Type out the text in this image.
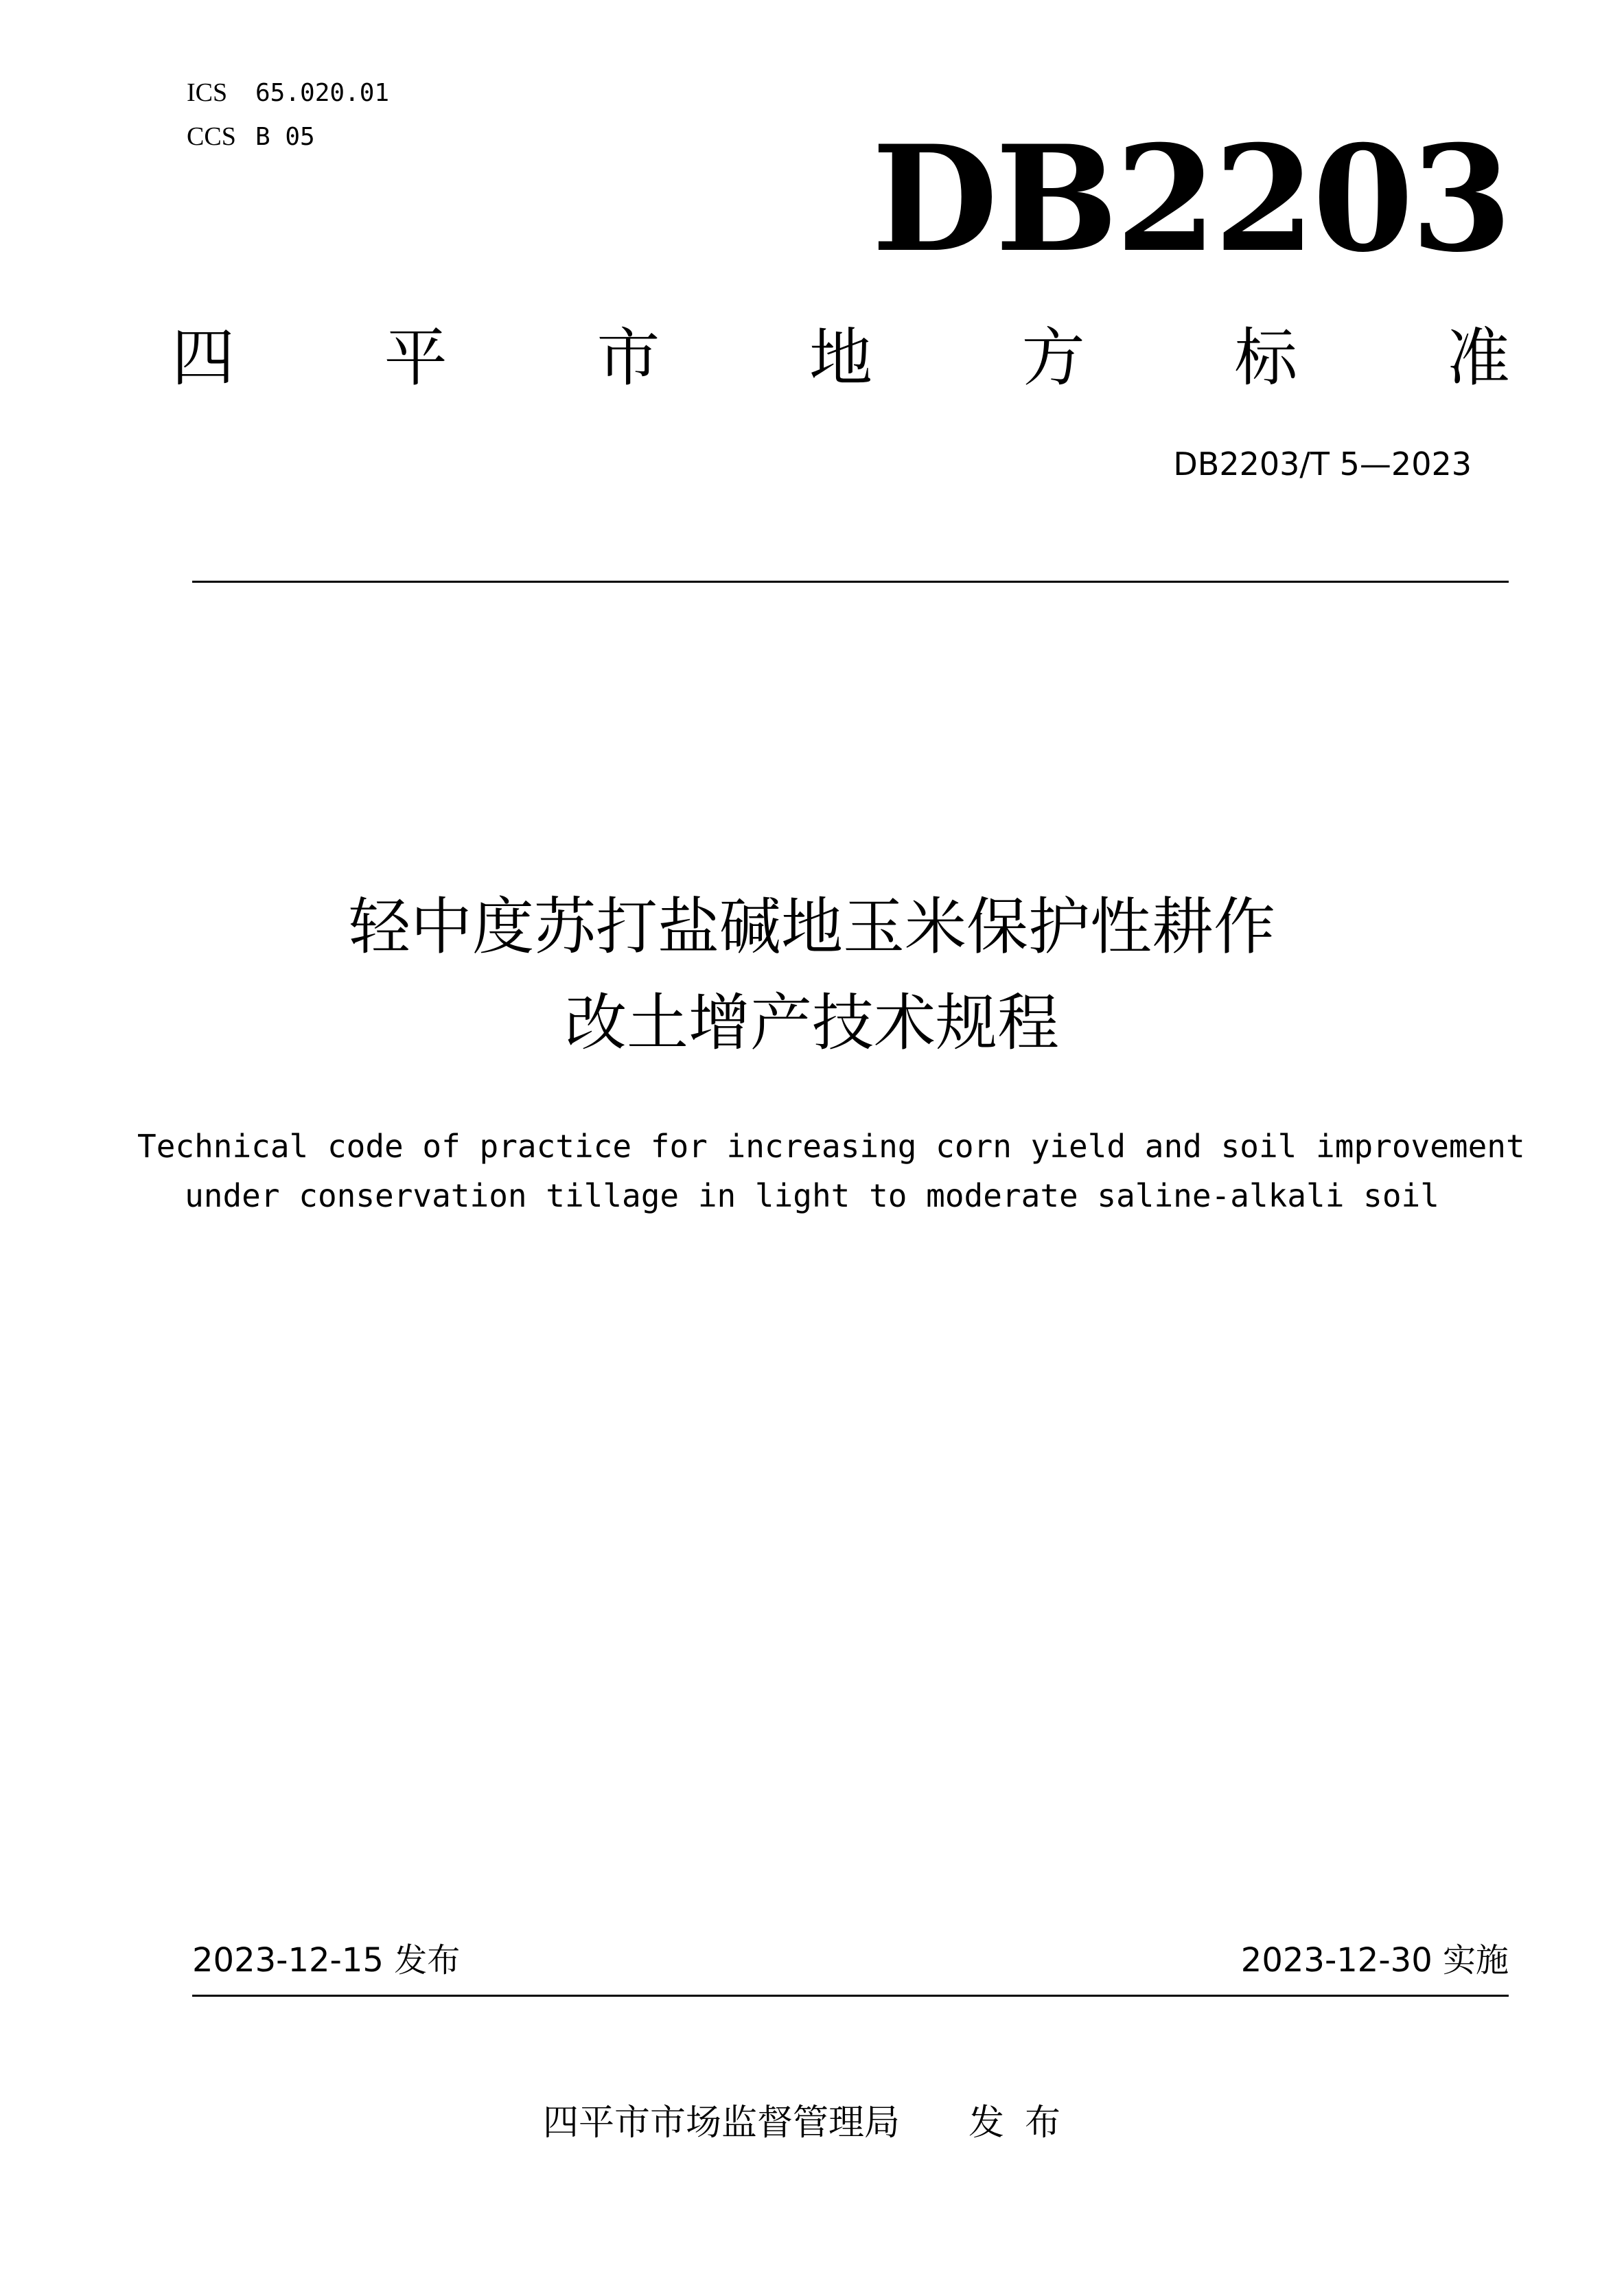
ICS 65.020.01
CCS B 05	DB2203
四 平 市 地 方 标 准
DB2203/T 5—2023
轻中度苏打盐碱地玉米保护性耕作
改土增产技术规程
Technical code of practice for increasing corn yield and soil improvement
under conservation tillage in light to moderate saline-alkali soil
2023-12-15 发布	2023-12-30 实施
四平市市场监督管理局 发布
